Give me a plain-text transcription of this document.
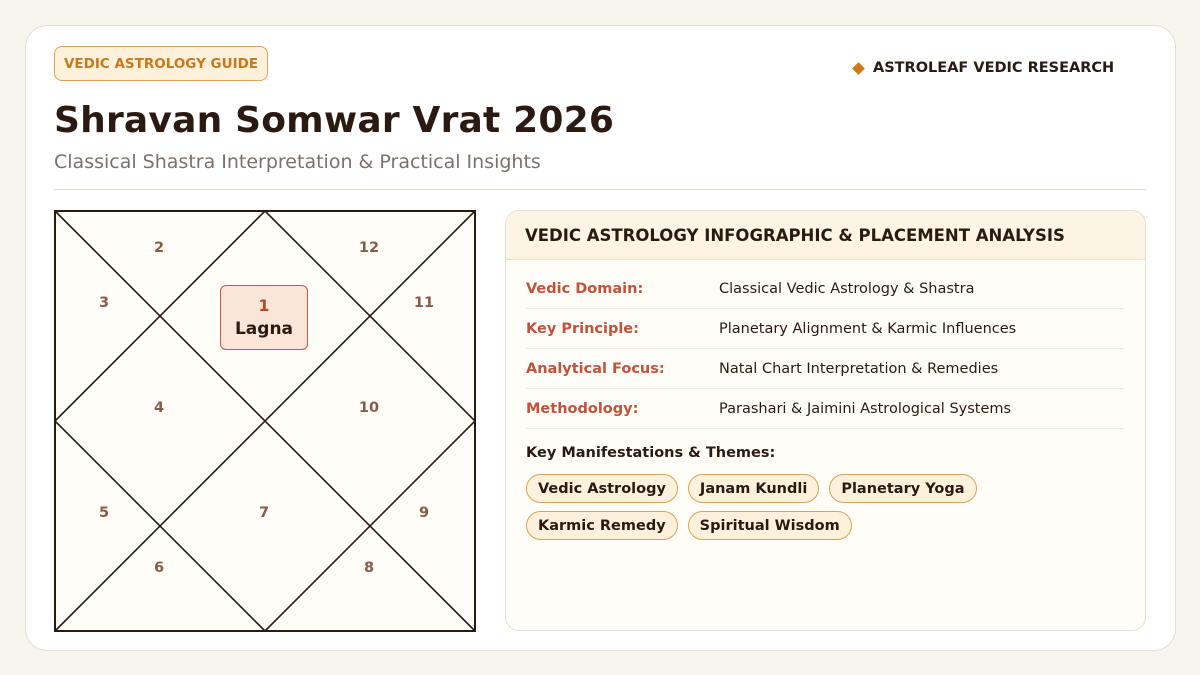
VEDIC ASTROLOGY GUIDE	ASTROLEAF VEDIC RESEARCH
Shravan Somwar Vrat 2026
Classical Shastra Interpretation & Practical Insights
1
Lagna
2
3
4
5
6
7
8
9
10
11
12
VEDIC ASTROLOGY INFOGRAPHIC & PLACEMENT ANALYSIS
Vedic Domain:	Classical Vedic Astrology & Shastra
Key Principle:	Planetary Alignment & Karmic Influences
Analytical Focus:	Natal Chart Interpretation & Remedies
Methodology:	Parashari & Jaimini Astrological Systems
Key Manifestations & Themes:
Vedic Astrology	Janam Kundli	Planetary Yoga
Karmic Remedy	Spiritual Wisdom
